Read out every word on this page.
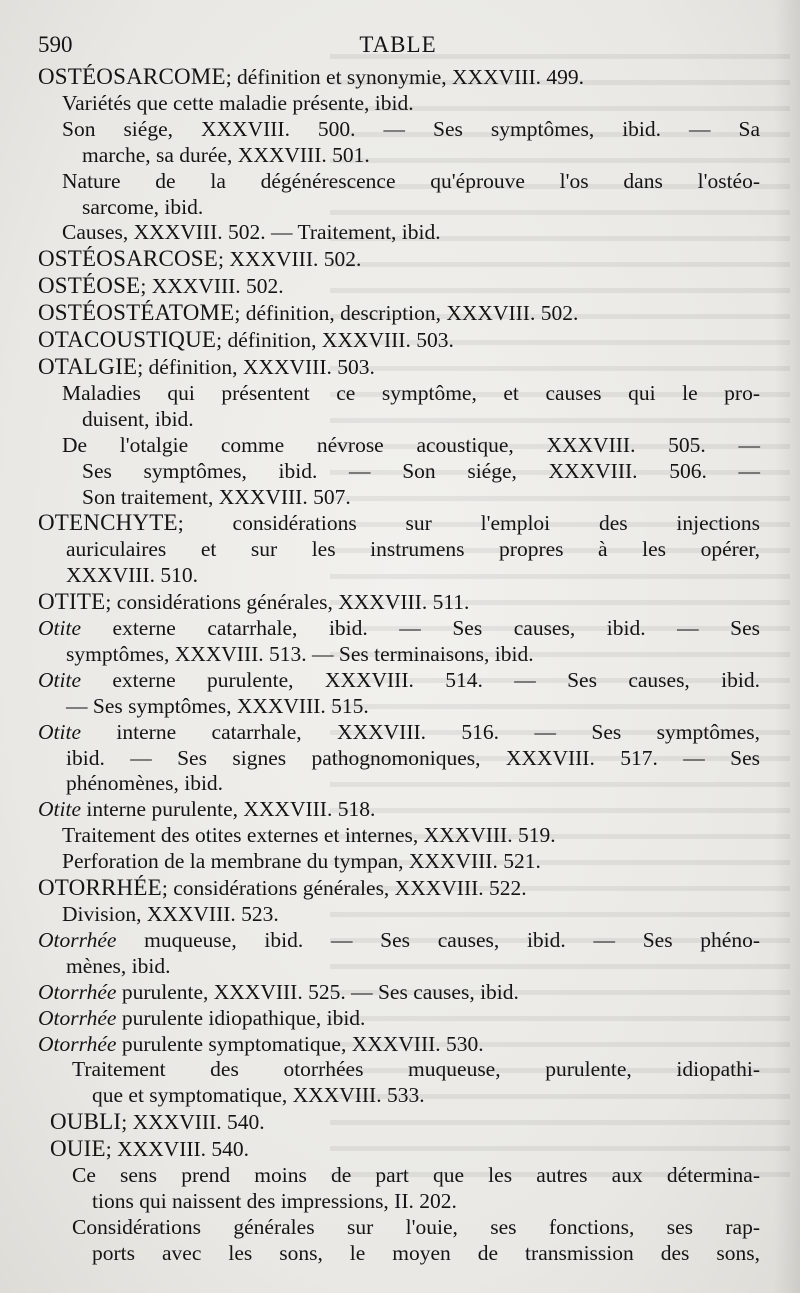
590	TABLE
OSTÉOSARCOME; définition et synonymie, XXXVIII. 499.
Variétés que cette maladie présente, ibid.
Son siége, XXXVIII. 500. — Ses symptômes, ibid. — Sa
marche, sa durée, XXXVIII. 501.
Nature de la dégénérescence qu'éprouve l'os dans l'ostéo-
sarcome, ibid.
Causes, XXXVIII. 502. — Traitement, ibid.
OSTÉOSARCOSE; XXXVIII. 502.
OSTÉOSE; XXXVIII. 502.
OSTÉOSTÉATOME; définition, description, XXXVIII. 502.
OTACOUSTIQUE; définition, XXXVIII. 503.
OTALGIE; définition, XXXVIII. 503.
Maladies qui présentent ce symptôme, et causes qui le pro-
duisent, ibid.
De l'otalgie comme névrose acoustique, XXXVIII. 505. —
Ses symptômes, ibid. — Son siége, XXXVIII. 506. —
Son traitement, XXXVIII. 507.
OTENCHYTE; considérations sur l'emploi des injections
auriculaires et sur les instrumens propres à les opérer,
XXXVIII. 510.
OTITE; considérations générales, XXXVIII. 511.
Otite externe catarrhale, ibid. — Ses causes, ibid. — Ses
symptômes, XXXVIII. 513. — Ses terminaisons, ibid.
Otite externe purulente, XXXVIII. 514. — Ses causes, ibid.
— Ses symptômes, XXXVIII. 515.
Otite interne catarrhale, XXXVIII. 516. — Ses symptômes,
ibid. — Ses signes pathognomoniques, XXXVIII. 517. — Ses
phénomènes, ibid.
Otite interne purulente, XXXVIII. 518.
Traitement des otites externes et internes, XXXVIII. 519.
Perforation de la membrane du tympan, XXXVIII. 521.
OTORRHÉE; considérations générales, XXXVIII. 522.
Division, XXXVIII. 523.
Otorrhée muqueuse, ibid. — Ses causes, ibid. — Ses phéno-
mènes, ibid.
Otorrhée purulente, XXXVIII. 525. — Ses causes, ibid.
Otorrhée purulente idiopathique, ibid.
Otorrhée purulente symptomatique, XXXVIII. 530.
Traitement des otorrhées muqueuse, purulente, idiopathi-
que et symptomatique, XXXVIII. 533.
OUBLI; XXXVIII. 540.
OUIE; XXXVIII. 540.
Ce sens prend moins de part que les autres aux détermina-
tions qui naissent des impressions, II. 202.
Considérations générales sur l'ouie, ses fonctions, ses rap-
ports avec les sons, le moyen de transmission des sons,
